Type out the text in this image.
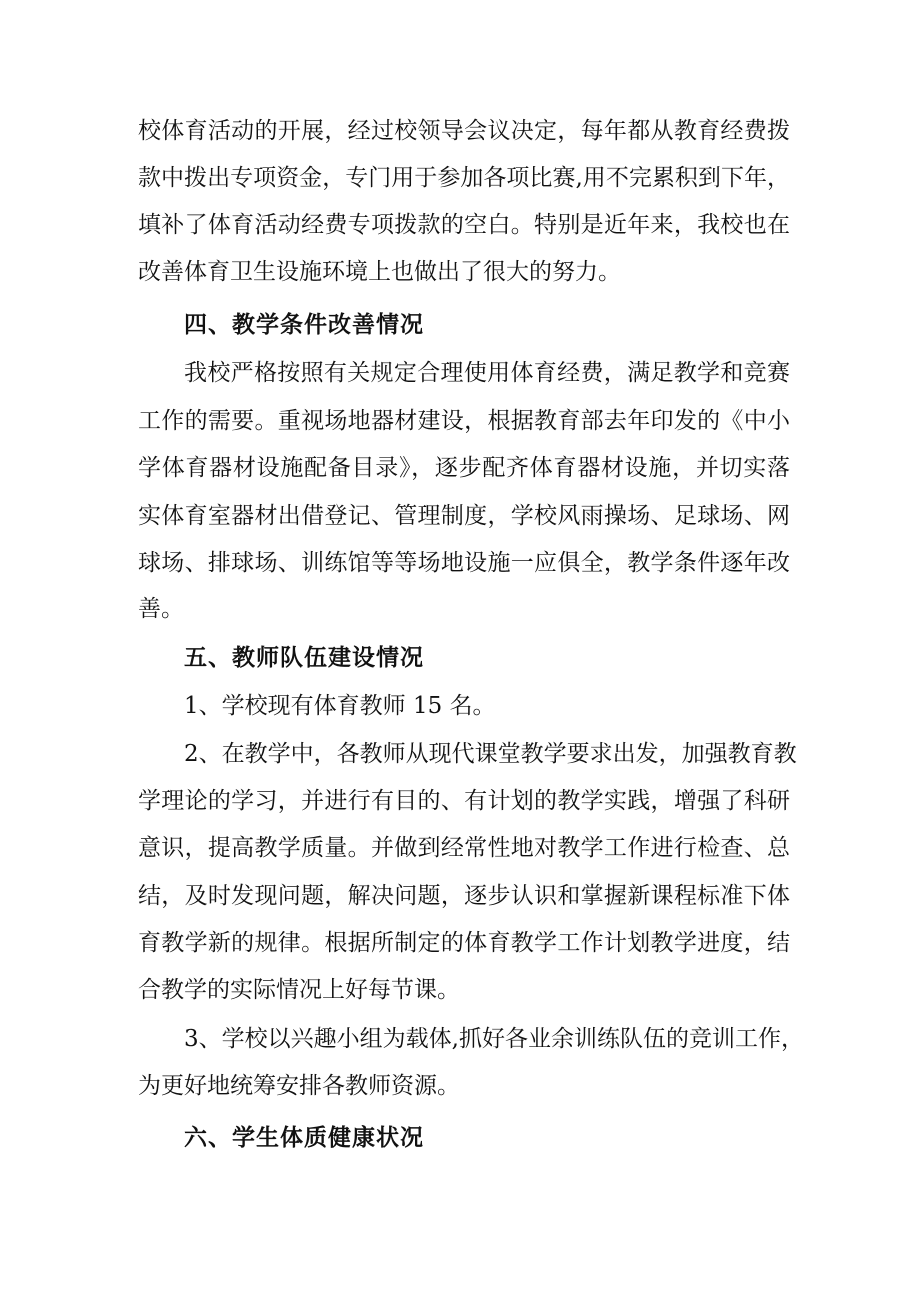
校体育活动的开展，经过校领导会议决定，每年都从教育经费拨
款中拨出专项资金，专门用于参加各项比赛,用不完累积到下年，
填补了体育活动经费专项拨款的空白。特别是近年来，我校也在
改善体育卫生设施环境上也做出了很大的努力。
四、教学条件改善情况
我校严格按照有关规定合理使用体育经费，满足教学和竞赛
工作的需要。重视场地器材建设，根据教育部去年印发的《中小
学体育器材设施配备目录》，逐步配齐体育器材设施，并切实落
实体育室器材出借登记、管理制度，学校风雨操场、足球场、网
球场、排球场、训练馆等等场地设施一应俱全，教学条件逐年改
善。
五、教师队伍建设情况
1、学校现有体育教师 15 名。
2、在教学中，各教师从现代课堂教学要求出发，加强教育教
学理论的学习，并进行有目的、有计划的教学实践，增强了科研
意识，提高教学质量。并做到经常性地对教学工作进行检查、总
结，及时发现问题，解决问题，逐步认识和掌握新课程标准下体
育教学新的规律。根据所制定的体育教学工作计划教学进度，结
合教学的实际情况上好每节课。
3、学校以兴趣小组为载体,抓好各业余训练队伍的竞训工作，
为更好地统筹安排各教师资源。
六、学生体质健康状况
